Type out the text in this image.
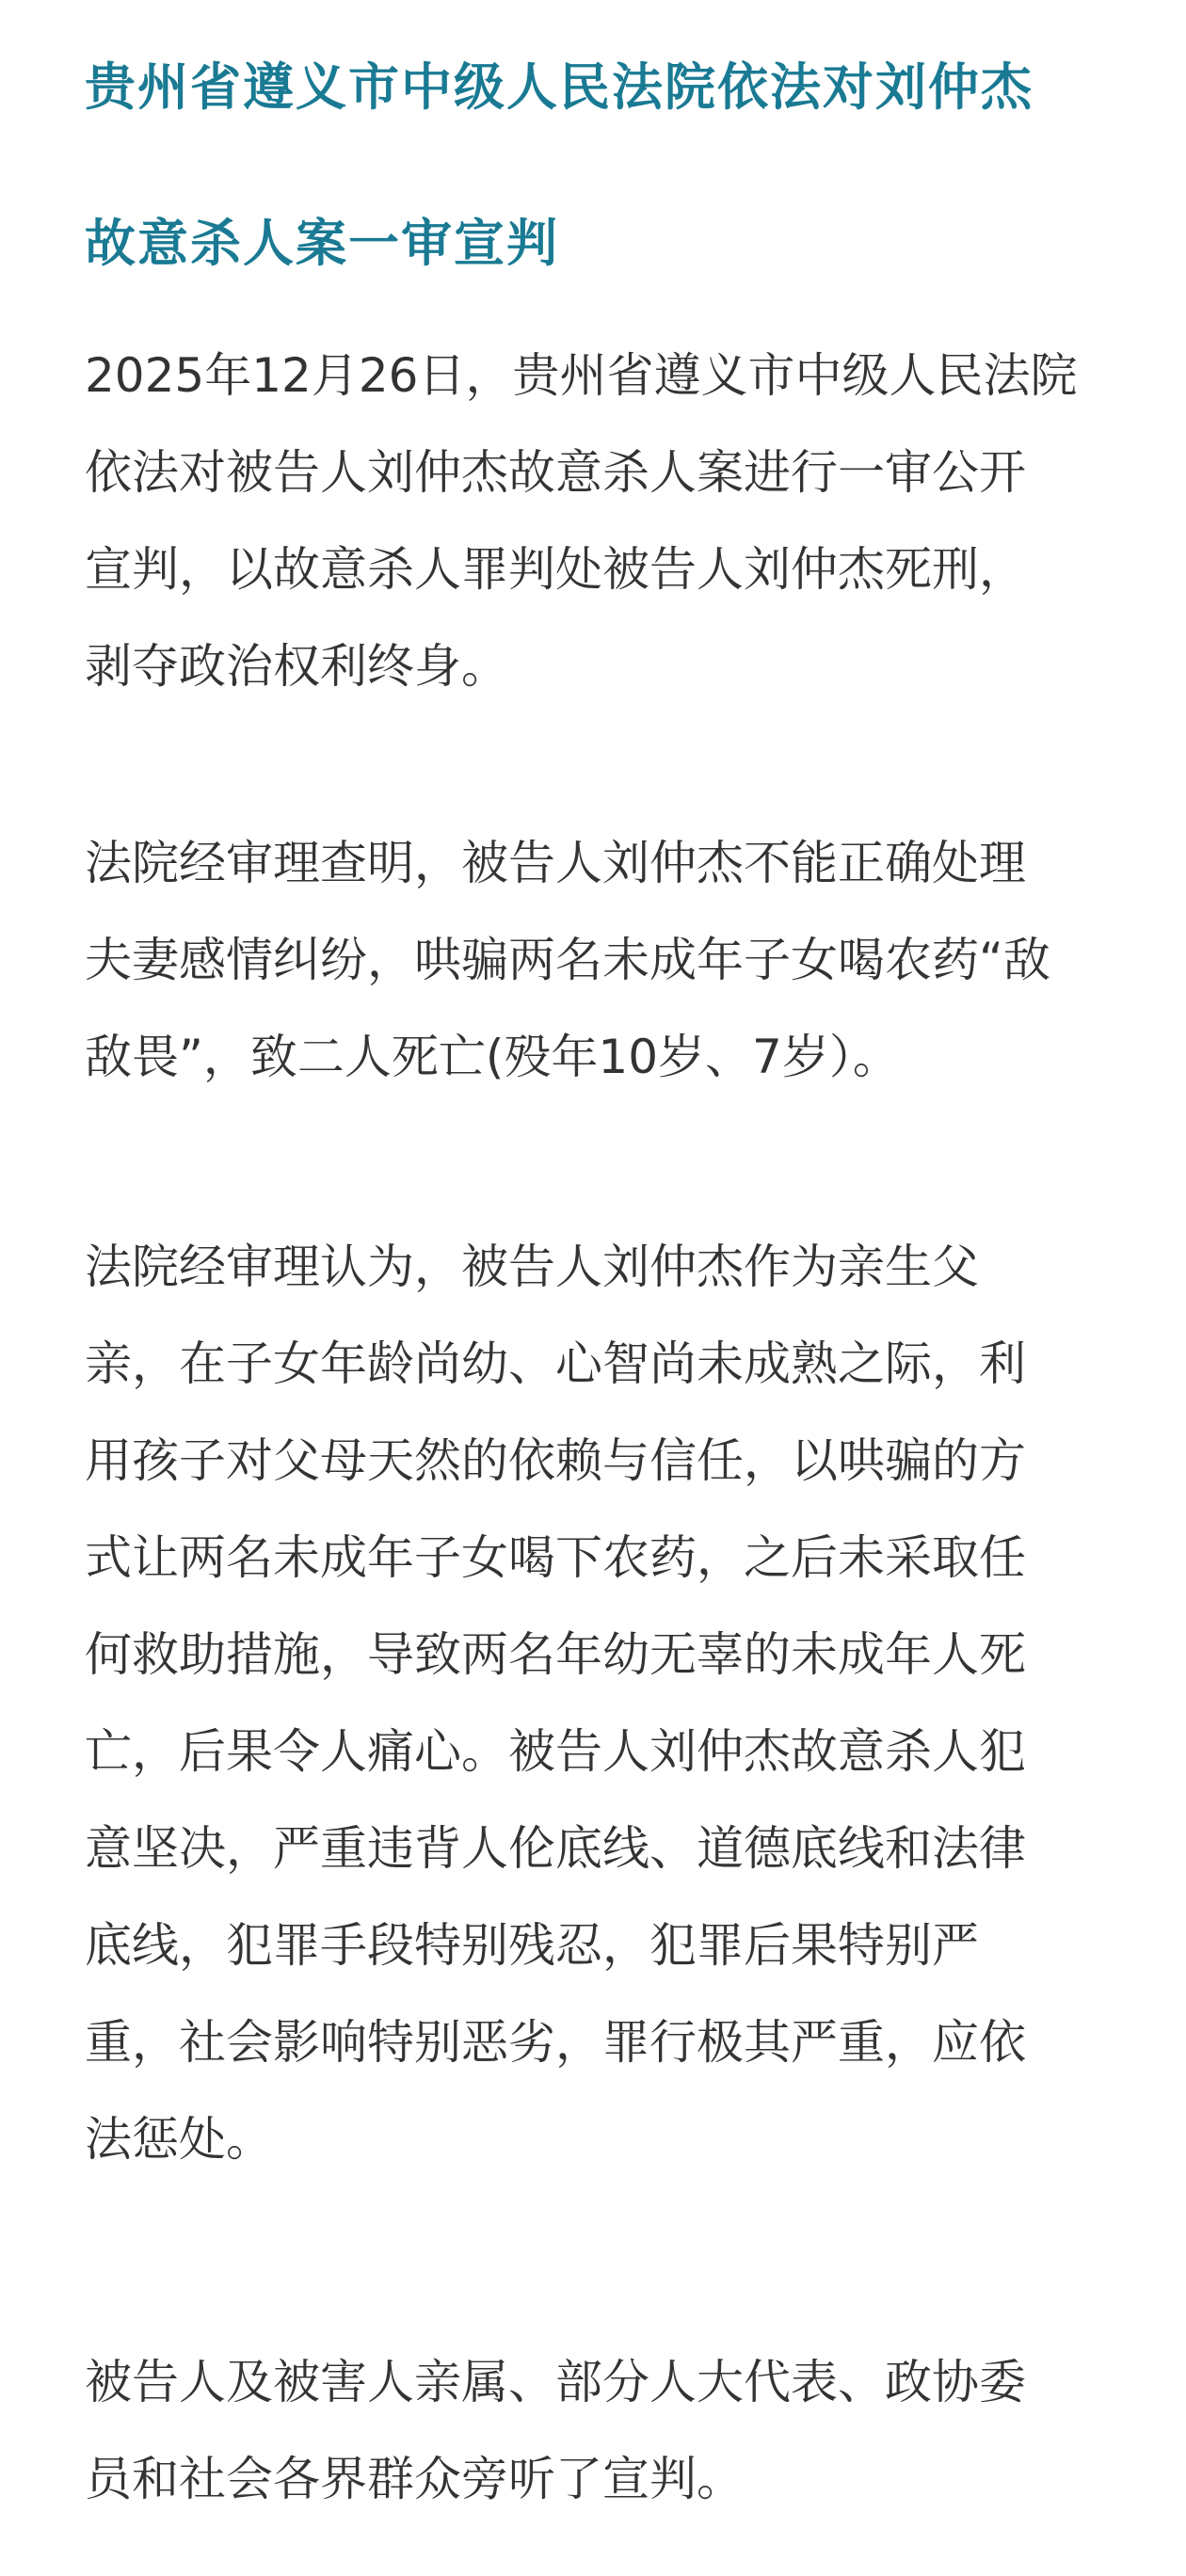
贵州省遵义市中级人民法院依法对刘仲杰
故意杀人案一审宣判

2025年12月26日，贵州省遵义市中级人民法院
依法对被告人刘仲杰故意杀人案进行一审公开
宣判，以故意杀人罪判处被告人刘仲杰死刑，
剥夺政治权利终身。

法院经审理查明，被告人刘仲杰不能正确处理
夫妻感情纠纷，哄骗两名未成年子女喝农药“敌
敌畏”，致二人死亡(殁年10岁、7岁）。

法院经审理认为，被告人刘仲杰作为亲生父
亲，在子女年龄尚幼、心智尚未成熟之际，利
用孩子对父母天然的依赖与信任，以哄骗的方
式让两名未成年子女喝下农药，之后未采取任
何救助措施，导致两名年幼无辜的未成年人死
亡，后果令人痛心。被告人刘仲杰故意杀人犯
意坚决，严重违背人伦底线、道德底线和法律
底线，犯罪手段特别残忍，犯罪后果特别严
重，社会影响特别恶劣，罪行极其严重，应依
法惩处。

被告人及被害人亲属、部分人大代表、政协委
员和社会各界群众旁听了宣判。
